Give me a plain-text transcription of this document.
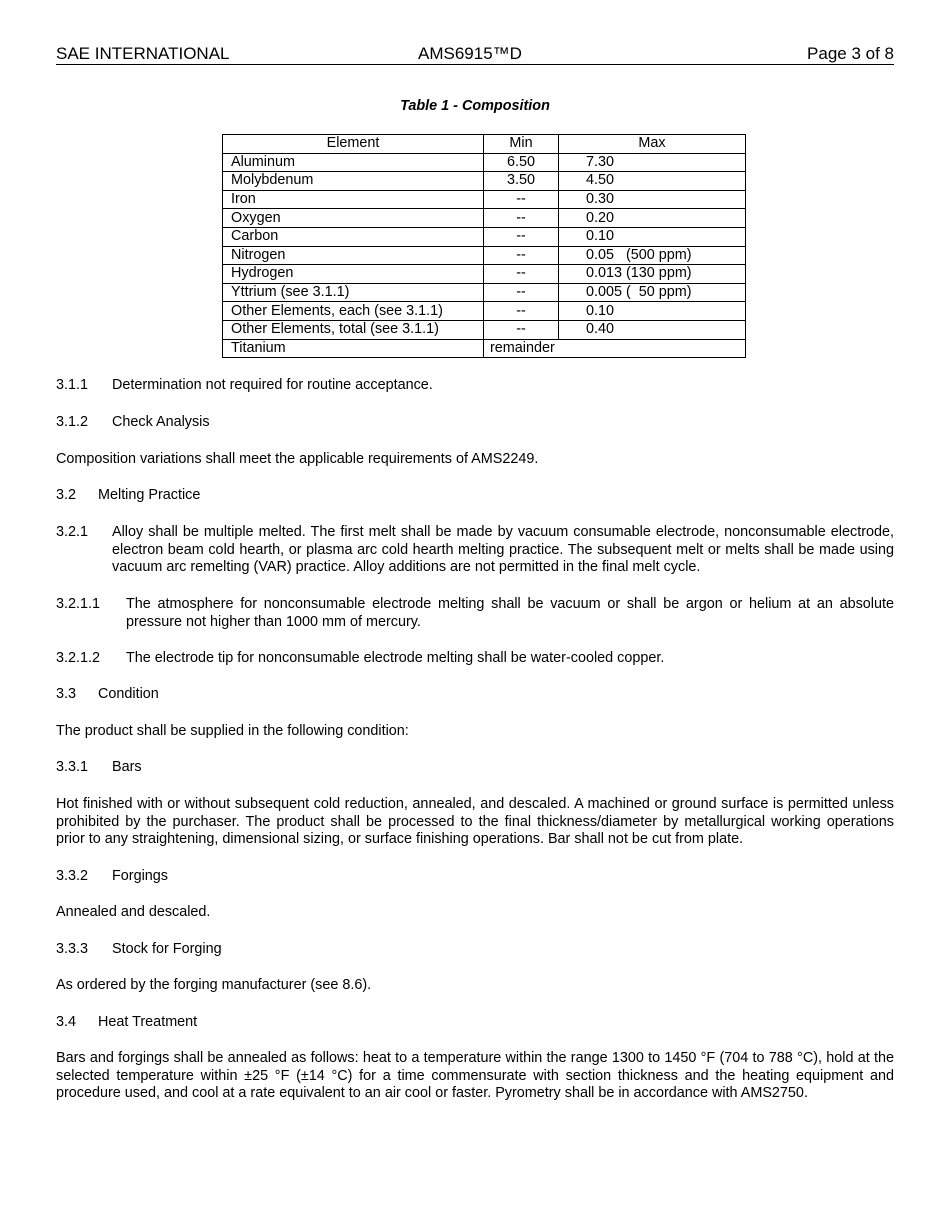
SAE INTERNATIONAL	AMS6915™D	Page 3 of 8
Table 1 - Composition
Element	Min	Max
Aluminum	6.50	7.30
Molybdenum	3.50	4.50
Iron	--	0.30
Oxygen	--	0.20
Carbon	--	0.10
Nitrogen	--	0.05   (500 ppm)
Hydrogen	--	0.013 (130 ppm)
Yttrium (see 3.1.1)	--	0.005 (  50 ppm)
Other Elements, each (see 3.1.1)	--	0.10
Other Elements, total (see 3.1.1)	--	0.40
Titanium	remainder	
3.1.1 Determination not required for routine acceptance.
3.1.2 Check Analysis
Composition variations shall meet the applicable requirements of AMS2249.
3.2 Melting Practice
3.2.1 Alloy shall be multiple melted. The first melt shall be made by vacuum consumable electrode, nonconsumable electrode, electron beam cold hearth, or plasma arc cold hearth melting practice. The subsequent melt or melts shall be made using vacuum arc remelting (VAR) practice. Alloy additions are not permitted in the final melt cycle.
3.2.1.1 The atmosphere for nonconsumable electrode melting shall be vacuum or shall be argon or helium at an absolute pressure not higher than 1000 mm of mercury.
3.2.1.2 The electrode tip for nonconsumable electrode melting shall be water-cooled copper.
3.3 Condition
The product shall be supplied in the following condition:
3.3.1 Bars
Hot finished with or without subsequent cold reduction, annealed, and descaled. A machined or ground surface is permitted unless prohibited by the purchaser. The product shall be processed to the final thickness/diameter by metallurgical working operations prior to any straightening, dimensional sizing, or surface finishing operations. Bar shall not be cut from plate.
3.3.2 Forgings
Annealed and descaled.
3.3.3 Stock for Forging
As ordered by the forging manufacturer (see 8.6).
3.4 Heat Treatment
Bars and forgings shall be annealed as follows: heat to a temperature within the range 1300 to 1450 °F (704 to 788 °C), hold at the selected temperature within ±25 °F (±14 °C) for a time commensurate with section thickness and the heating equipment and procedure used, and cool at a rate equivalent to an air cool or faster. Pyrometry shall be in accordance with AMS2750.
